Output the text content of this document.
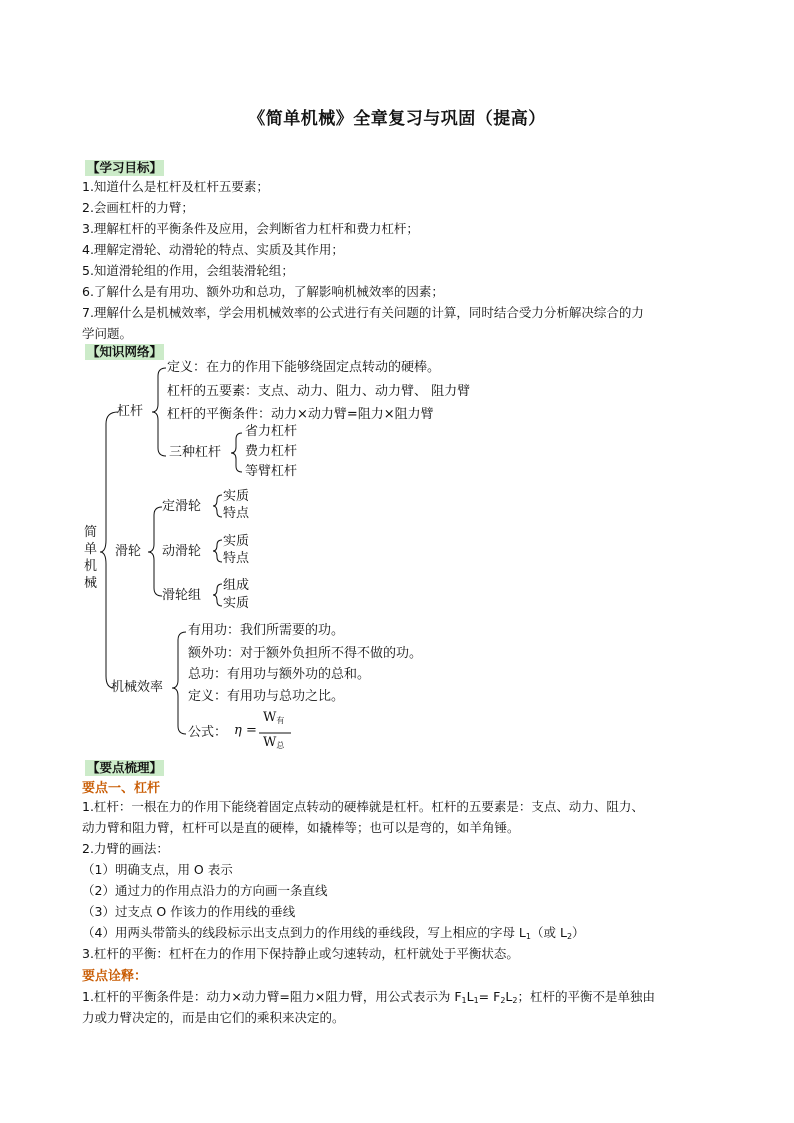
《简单机械》全章复习与巩固（提高）
【学习目标】
1.知道什么是杠杆及杠杆五要素；
2.会画杠杆的力臂；
3.理解杠杆的平衡条件及应用，会判断省力杠杆和费力杠杆；
4.理解定滑轮、动滑轮的特点、实质及其作用；
5.知道滑轮组的作用，会组装滑轮组；
6.了解什么是有用功、额外功和总功，了解影响机械效率的因素；
7.理解什么是机械效率，学会用机械效率的公式进行有关问题的计算，同时结合受力分析解决综合的力
学问题。
【知识网络】
简
单
机
械
杠杆
定义：在力的作用下能够绕固定点转动的硬棒。
杠杆的五要素：支点、动力、阻力、动力臂、 阻力臂
杠杆的平衡条件：动力×动力臂=阻力×阻力臂
三种杠杆
省力杠杆
费力杠杆
等臂杠杆
滑轮
定滑轮
实质
特点
动滑轮
实质
特点
滑轮组
组成
实质
机械效率
有用功：我们所需要的功。
额外功：对于额外负担所不得不做的功。
总功：有用功与额外功的总和。
定义：有用功与总功之比。
公式： η =
$W_有$
$W_总$
【要点梳理】
要点一、杠杆
1.杠杆：一根在力的作用下能绕着固定点转动的硬棒就是杠杆。杠杆的五要素是：支点、动力、阻力、
动力臂和阻力臂，杠杆可以是直的硬棒，如撬棒等；也可以是弯的，如羊角锤。
2.力臂的画法：
（1）明确支点，用 O 表示
（2）通过力的作用点沿力的方向画一条直线
（3）过支点 O 作该力的作用线的垂线
（4）用两头带箭头的线段标示出支点到力的作用线的垂线段，写上相应的字母 $L_1$（或 $L_2$）
3.杠杆的平衡：杠杆在力的作用下保持静止或匀速转动，杠杆就处于平衡状态。
要点诠释：
1.杠杆的平衡条件是：动力×动力臂=阻力×阻力臂，用公式表示为 $F_1L_1= F_2L_2$；杠杆的平衡不是单独由
力或力臂决定的，而是由它们的乘积来决定的。
